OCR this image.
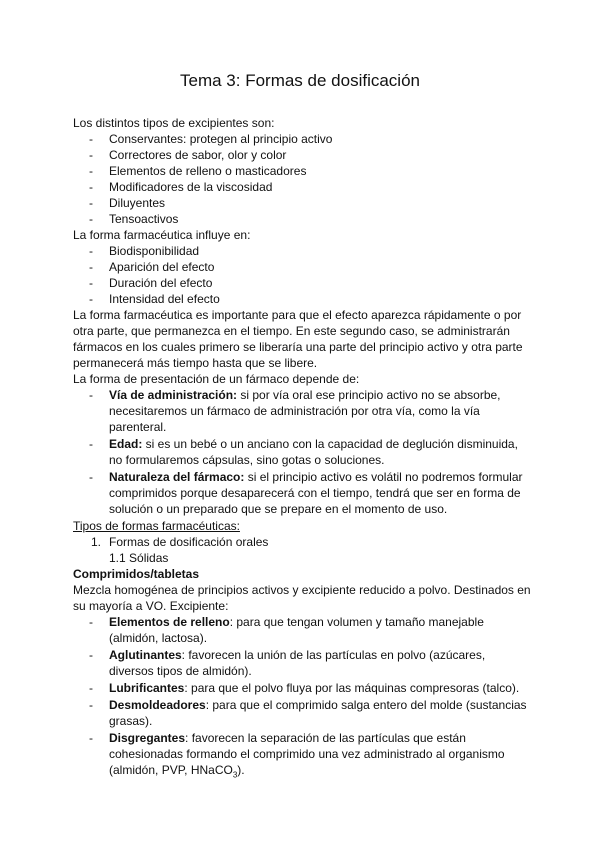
Tema 3: Formas de dosificación

Los distintos tipos de excipientes son:

- Conservantes: protegen al principio activo
- Correctores de sabor, olor y color
- Elementos de relleno o masticadores
- Modificadores de la viscosidad
- Diluyentes
- Tensoactivos

La forma farmacéutica influye en:

- Biodisponibilidad
- Aparición del efecto
- Duración del efecto
- Intensidad del efecto

La forma farmacéutica es importante para que el efecto aparezca rápidamente o por otra parte, que permanezca en el tiempo. En este segundo caso, se administrarán fármacos en los cuales primero se liberaría una parte del principio activo y otra parte permanecerá más tiempo hasta que se libere.

La forma de presentación de un fármaco depende de:

- Vía de administración: si por vía oral ese principio activo no se absorbe, necesitaremos un fármaco de administración por otra vía, como la vía parenteral.
- Edad: si es un bebé o un anciano con la capacidad de deglución disminuida, no formularemos cápsulas, sino gotas o soluciones.
- Naturaleza del fármaco: si el principio activo es volátil no podremos formular comprimidos porque desaparecerá con el tiempo, tendrá que ser en forma de solución o un preparado que se prepare en el momento de uso.

Tipos de formas farmacéuticas:

1. Formas de dosificación orales

1.1 Sólidas

Comprimidos/tabletas

Mezcla homogénea de principios activos y excipiente reducido a polvo. Destinados en su mayoría a VO. Excipiente:

- Elementos de relleno: para que tengan volumen y tamaño manejable (almidón, lactosa).
- Aglutinantes: favorecen la unión de las partículas en polvo (azúcares, diversos tipos de almidón).
- Lubrificantes: para que el polvo fluya por las máquinas compresoras (talco).
- Desmoldeadores: para que el comprimido salga entero del molde (sustancias grasas).
- Disgregantes: favorecen la separación de las partículas que están cohesionadas formando el comprimido una vez administrado al organismo (almidón, PVP, HNaCO$_3$).
